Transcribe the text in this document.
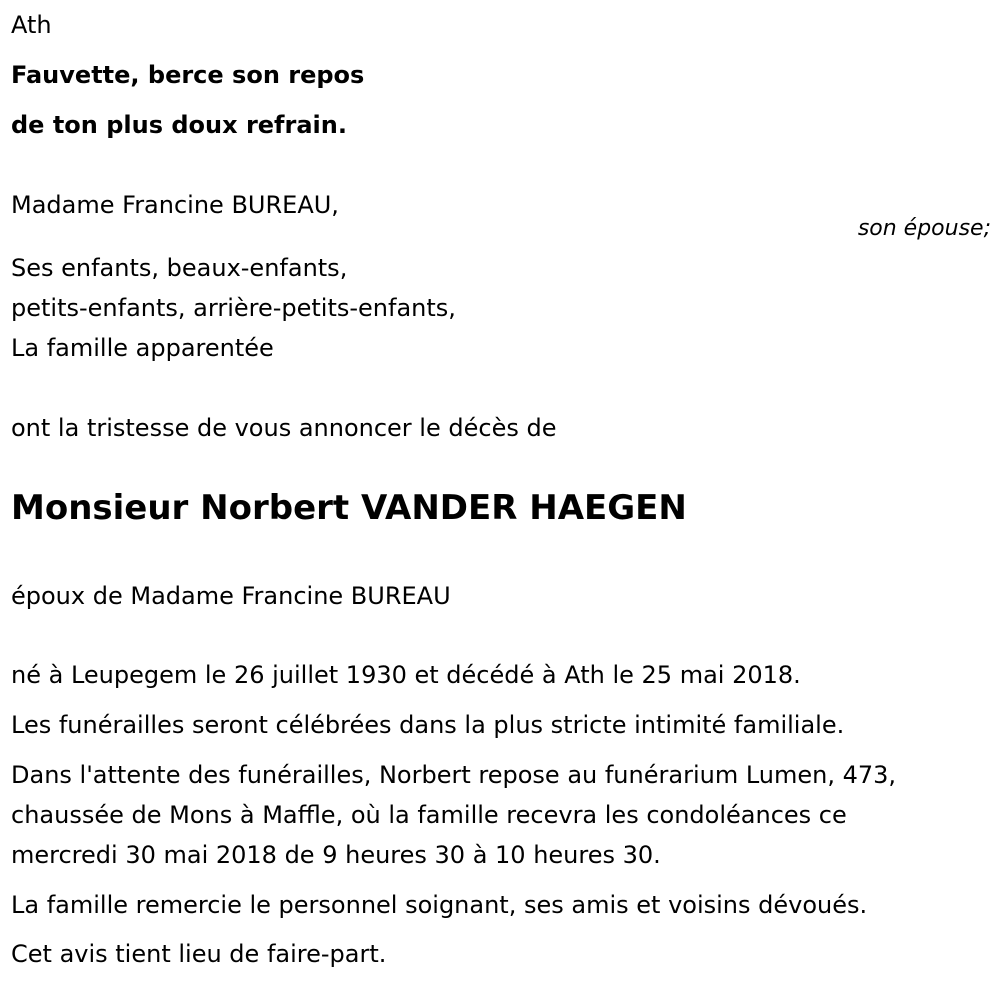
Ath
Fauvette, berce son repos
de ton plus doux refrain.
Madame Francine BUREAU,
son épouse;
Ses enfants, beaux-enfants,
petits-enfants, arrière-petits-enfants,
La famille apparentée
ont la tristesse de vous annoncer le décès de
Monsieur Norbert VANDER HAEGEN
époux de Madame Francine BUREAU
né à Leupegem le 26 juillet 1930 et décédé à Ath le 25 mai 2018.
Les funérailles seront célébrées dans la plus stricte intimité familiale.
Dans l'attente des funérailles, Norbert repose au funérarium Lumen, 473,
chaussée de Mons à Maffle, où la famille recevra les condoléances ce
mercredi 30 mai 2018 de 9 heures 30 à 10 heures 30.
La famille remercie le personnel soignant, ses amis et voisins dévoués.
Cet avis tient lieu de faire-part.
